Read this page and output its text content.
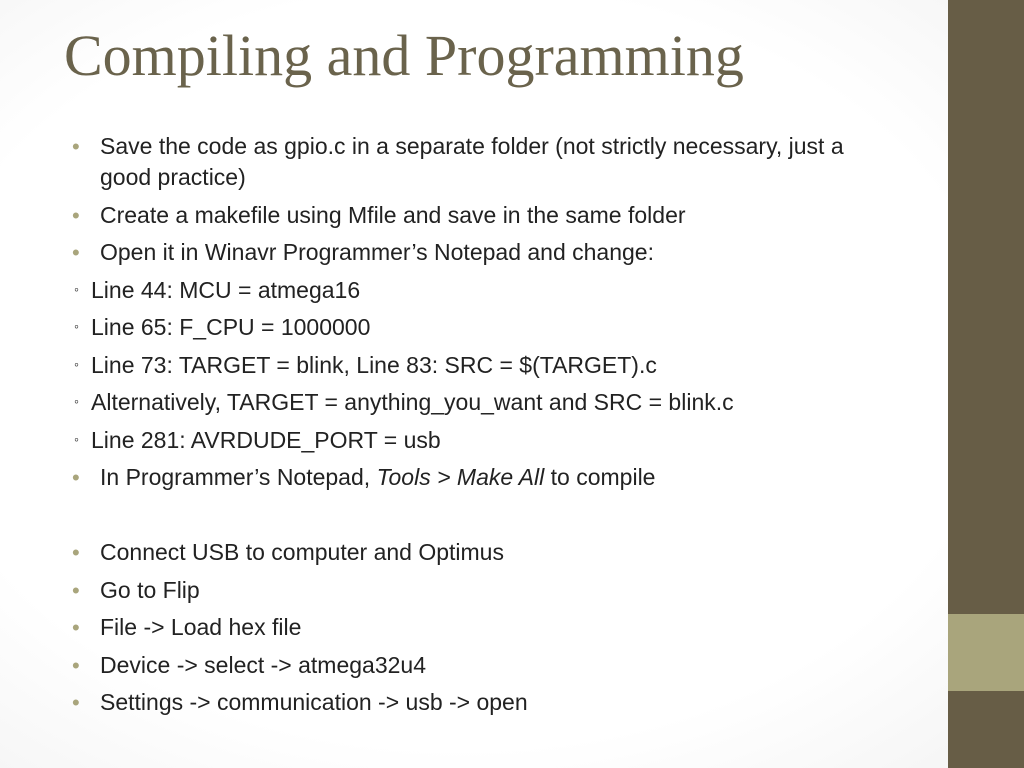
Compiling and Programming
• Save the code as gpio.c in a separate folder (not strictly necessary, just a good practice)
• Create a makefile using Mfile and save in the same folder
• Open it in Winavr Programmer’s Notepad and change:
◦ Line 44: MCU = atmega16
◦ Line 65: F_CPU = 1000000
◦ Line 73: TARGET = blink, Line 83: SRC = $(TARGET).c
◦ Alternatively, TARGET = anything_you_want and SRC = blink.c
◦ Line 281: AVRDUDE_PORT = usb
• In Programmer’s Notepad, Tools > Make All to compile
• Connect USB to computer and Optimus
• Go to Flip
• File -> Load hex file
• Device -> select -> atmega32u4
• Settings -> communication -> usb -> open
